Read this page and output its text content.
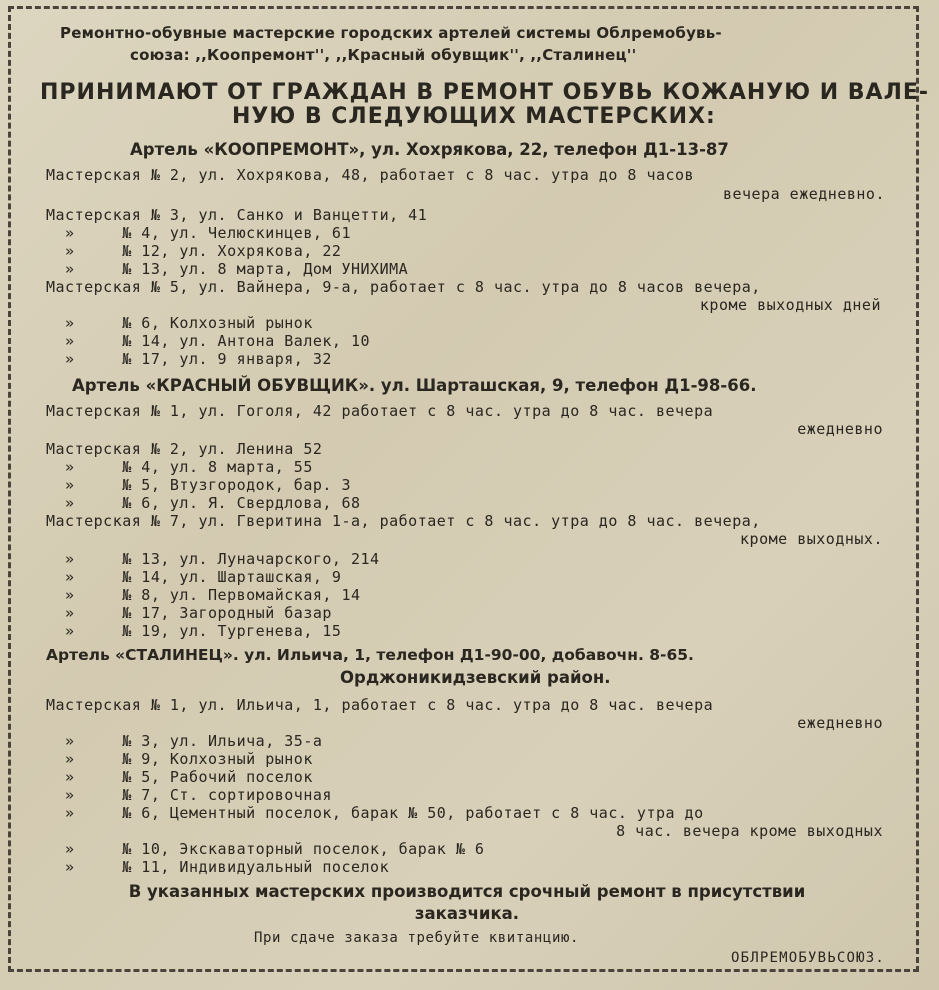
Ремонтно-обувные мастерские городских артелей системы Облремобувь-
союза: ,,Коопремонт'', ,,Красный обувщик'', ,,Сталинец''
ПРИНИМАЮТ ОТ ГРАЖДАН В РЕМОНТ ОБУВЬ КОЖАНУЮ И ВАЛЕ-
НУЮ В СЛЕДУЮЩИХ МАСТЕРСКИХ:
Артель «КООПРЕМОНТ», ул. Хохрякова, 22, телефон Д1-13-87
Мастерская № 2, ул. Хохрякова, 48, работает с 8 час. утра до 8 часов
вечера ежедневно.
Мастерская № 3, ул. Санко и Ванцетти, 41
»     № 4, ул. Челюскинцев, 61
»     № 12, ул. Хохрякова, 22
»     № 13, ул. 8 марта, Дом УНИХИМА
Мастерская № 5, ул. Вайнера, 9-а, работает с 8 час. утра до 8 часов вечера,
кроме выходных дней
»     № 6, Колхозный рынок
»     № 14, ул. Антона Валек, 10
»     № 17, ул. 9 января, 32
Артель «КРАСНЫЙ ОБУВЩИК». ул. Шарташская, 9, телефон Д1-98-66.
Мастерская № 1, ул. Гоголя, 42 работает с 8 час. утра до 8 час. вечера
ежедневно
Мастерская № 2, ул. Ленина 52
»     № 4, ул. 8 марта, 55
»     № 5, Втузгородок, бар. 3
»     № 6, ул. Я. Свердлова, 68
Мастерская № 7, ул. Гверитина 1-а, работает с 8 час. утра до 8 час. вечера,
кроме выходных.
»     № 13, ул. Луначарского, 214
»     № 14, ул. Шарташская, 9
»     № 8, ул. Первомайская, 14
»     № 17, Загородный базар
»     № 19, ул. Тургенева, 15
Артель «СТАЛИНЕЦ». ул. Ильича, 1, телефон Д1-90-00, добавочн. 8-65.
Орджоникидзевский район.
Мастерская № 1, ул. Ильича, 1, работает с 8 час. утра до 8 час. вечера
ежедневно
»     № 3, ул. Ильича, 35-а
»     № 9, Колхозный рынок
»     № 5, Рабочий поселок
»     № 7, Ст. сортировочная
»     № 6, Цементный поселок, барак № 50, работает с 8 час. утра до
8 час. вечера кроме выходных
»     № 10, Экскаваторный поселок, барак № 6
»     № 11, Индивидуальный поселок
В указанных мастерских производится срочный ремонт в присутствии
заказчика.
При сдаче заказа требуйте квитанцию.
ОБЛРЕМОБУВЬСОЮЗ.
